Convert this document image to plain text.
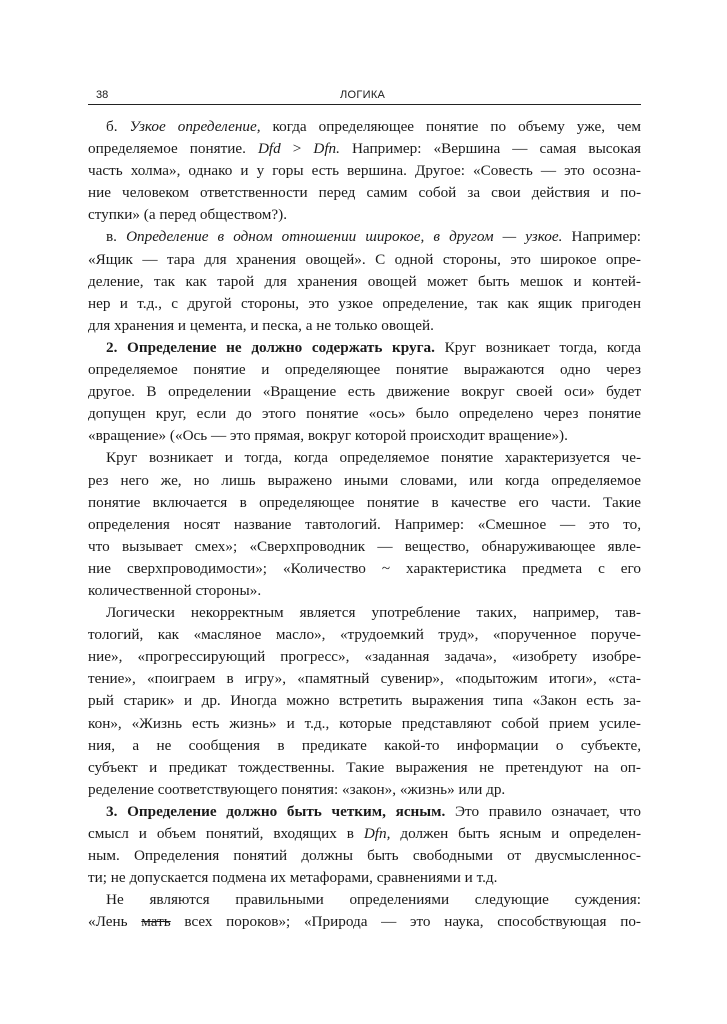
38	ЛОГИКА
б. Узкое определение, когда определяющее понятие по объему уже, чем
определяемое понятие. Dfd > Dfn. Например: «Вершина — самая высокая
часть холма», однако и у горы есть вершина. Другое: «Совесть — это осозна-
ние человеком ответственности перед самим собой за свои действия и по-
ступки» (а перед обществом?).
в. Определение в одном отношении широкое, в другом — узкое. Например:
«Ящик — тара для хранения овощей». С одной стороны, это широкое опре-
деление, так как тарой для хранения овощей может быть мешок и контей-
нер и т.д., с другой стороны, это узкое определение, так как ящик пригоден
для хранения и цемента, и песка, а не только овощей.
2. Определение не должно содержать круга. Круг возникает тогда, когда
определяемое понятие и определяющее понятие выражаются одно через
другое. В определении «Вращение есть движение вокруг своей оси» будет
допущен круг, если до этого понятие «ось» было определено через понятие
«вращение» («Ось — это прямая, вокруг которой происходит вращение»).
Круг возникает и тогда, когда определяемое понятие характеризуется че-
рез него же, но лишь выражено иными словами, или когда определяемое
понятие включается в определяющее понятие в качестве его части. Такие
определения носят название тавтологий. Например: «Смешное — это то,
что вызывает смех»; «Сверхпроводник — вещество, обнаруживающее явле-
ние сверхпроводимости»; «Количество ~ характеристика предмета с его
количественной стороны».
Логически некорректным является употребление таких, например, тав-
тологий, как «масляное масло», «трудоемкий труд», «порученное поруче-
ние», «прогрессирующий прогресс», «заданная задача», «изобрету изобре-
тение», «поиграем в игру», «памятный сувенир», «подытожим итоги», «ста-
рый старик» и др. Иногда можно встретить выражения типа «Закон есть за-
кон», «Жизнь есть жизнь» и т.д., которые представляют собой прием усиле-
ния, а не сообщения в предикате какой-то информации о субъекте,
субъект и предикат тождественны. Такие выражения не претендуют на оп-
ределение соответствующего понятия: «закон», «жизнь» или др.
3. Определение должно быть четким, ясным. Это правило означает, что
смысл и объем понятий, входящих в Dfn, должен быть ясным и определен-
ным. Определения понятий должны быть свободными от двусмысленнос-
ти; не допускается подмена их метафорами, сравнениями и т.д.
Не являются правильными определениями следующие суждения:
«Лень мать всех пороков»; «Природа — это наука, способствующая по-
